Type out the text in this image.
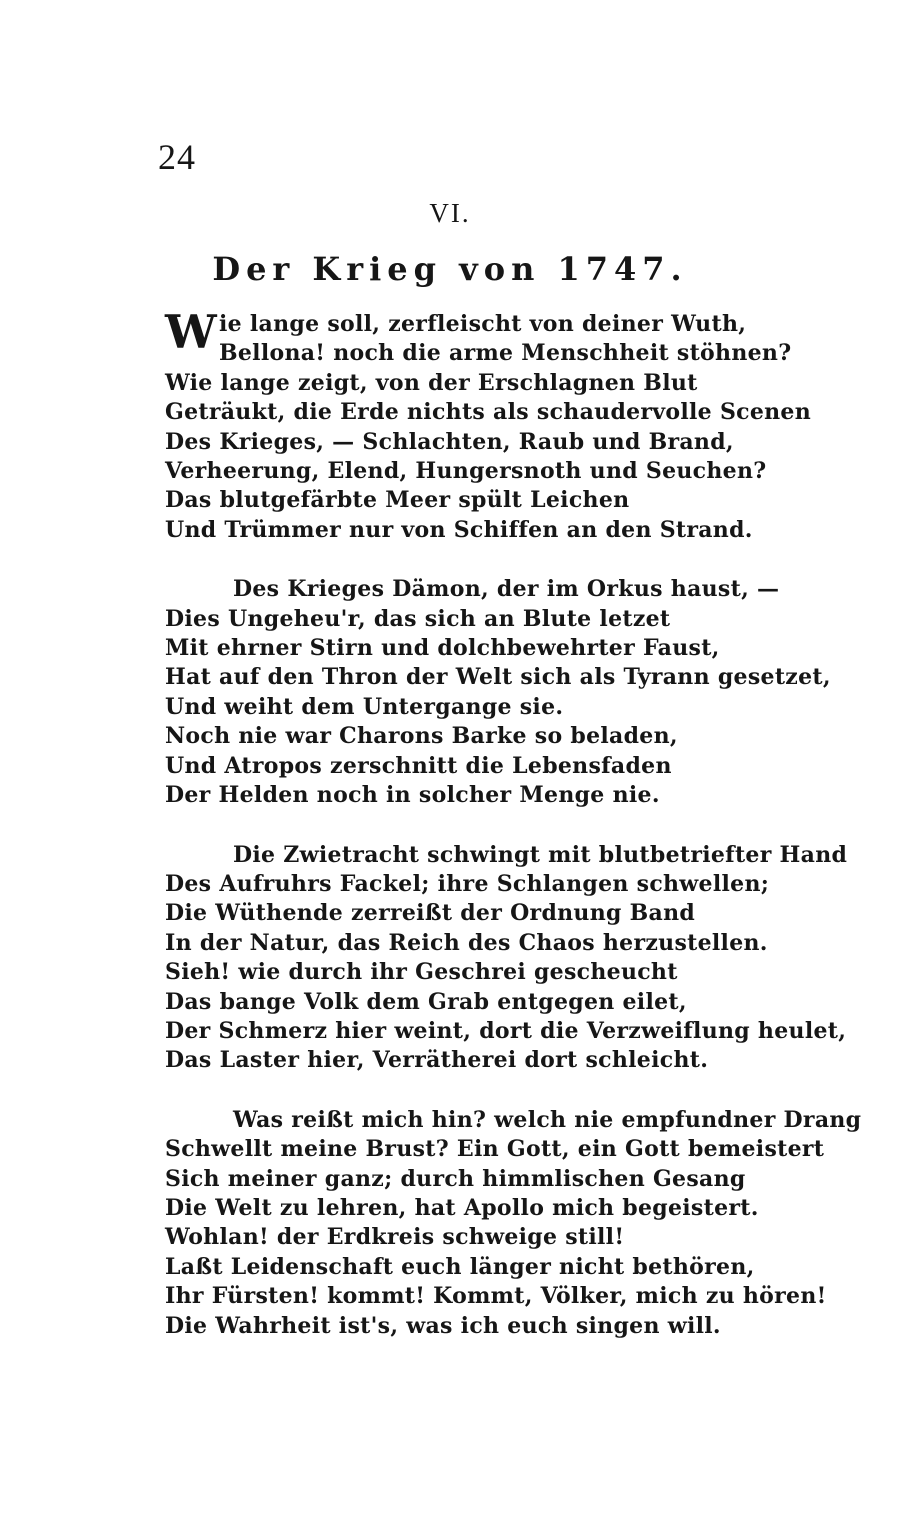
24
VI.
Der Krieg von 1747.
Wie lange soll, zerfleischt von deiner Wuth,
Bellona! noch die arme Menschheit stöhnen?
Wie lange zeigt, von der Erschlagnen Blut
Geträukt, die Erde nichts als schaudervolle Scenen
Des Krieges, — Schlachten, Raub und Brand,
Verheerung, Elend, Hungersnoth und Seuchen?
Das blutgefärbte Meer spült Leichen
Und Trümmer nur von Schiffen an den Strand.
Des Krieges Dämon, der im Orkus haust, —
Dies Ungeheu'r, das sich an Blute letzet
Mit ehrner Stirn und dolchbewehrter Faust,
Hat auf den Thron der Welt sich als Tyrann gesetzet,
Und weiht dem Untergange sie.
Noch nie war Charons Barke so beladen,
Und Atropos zerschnitt die Lebensfaden
Der Helden noch in solcher Menge nie.
Die Zwietracht schwingt mit blutbetriefter Hand
Des Aufruhrs Fackel; ihre Schlangen schwellen;
Die Wüthende zerreißt der Ordnung Band
In der Natur, das Reich des Chaos herzustellen.
Sieh! wie durch ihr Geschrei gescheucht
Das bange Volk dem Grab entgegen eilet,
Der Schmerz hier weint, dort die Verzweiflung heulet,
Das Laster hier, Verrätherei dort schleicht.
Was reißt mich hin? welch nie empfundner Drang
Schwellt meine Brust? Ein Gott, ein Gott bemeistert
Sich meiner ganz; durch himmlischen Gesang
Die Welt zu lehren, hat Apollo mich begeistert.
Wohlan! der Erdkreis schweige still!
Laßt Leidenschaft euch länger nicht bethören,
Ihr Fürsten! kommt! Kommt, Völker, mich zu hören!
Die Wahrheit ist's, was ich euch singen will.
